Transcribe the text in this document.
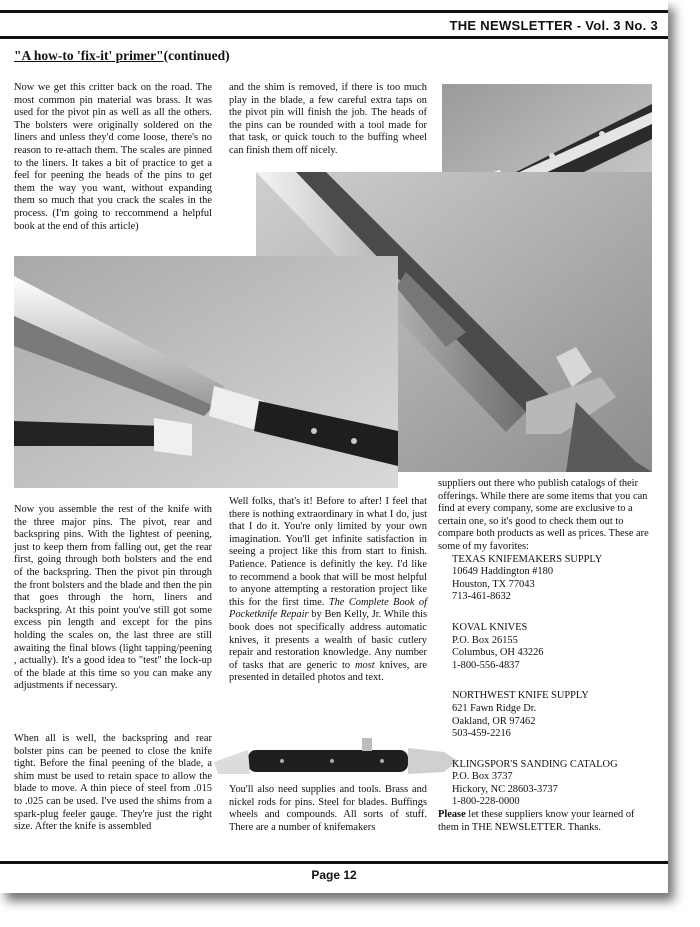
THE NEWSLETTER - Vol. 3 No. 3
"A how-to 'fix-it' primer"(continued)

Now we get this critter back on the road. The most common pin material was brass. It was used for the pivot pin as well as all the others. The bolsters were originally soldered on the liners and unless they'd come loose, there's no reason to re-attach them. The scales are pinned to the liners. It takes a bit of practice to get a feel for peening the heads of the pins to get them the way you want, without expanding them so much that you crack the scales in the process. (I'm going to reccommend a helpful book at the end of this article)

and the shim is removed, if there is too much play in the blade, a few careful extra taps on the pivot pin will finish the job. The heads of the pins can be rounded with a tool made for that task, or quick touch to the buffing wheel can finish them off nicely.

Now you assemble the rest of the knife with the three major pins. The pivot, rear and backspring pins. With the lightest of peening, just to keep them from falling out, get the rear first, going through both bolsters and the end of the backspring. Then the pivot pin through the front bolsters and the blade and then the pin that goes through the horn, liners and backspring. At this point you've still got some excess pin length and except for the pins holding the scales on, the last three are still awaiting the final blows (light tapping/peening , actually). It's a good idea to "test" the lock-up of the blade at this time so you can make any adjustments if necessary.

When all is well, the backspring and rear bolster pins can be peened to close the knife tight. Before the final peening of the blade, a shim must be used to retain space to allow the blade to move. A thin piece of steel from .015 to .025 can be used. I've used the shims from a spark-plug feeler gauge. They're just the right size. After the knife is assembled

Well folks, that's it! Before to after! I feel that there is nothing extraordinary in what I do, just that I do it. You're only limited by your own imagination. You'll get infinite satisfaction in seeing a project like this from start to finish. Patience. Patience is definitly the key. I'd like to recommend a book that will be most helpful to anyone attempting a restoration project like this for the first time. The Complete Book of Pocketknife Repair by Ben Kelly, Jr. While this book does not specifically address automatic knives, it presents a wealth of basic cutlery repair and restoration knowledge. Any number of tasks that are generic to most knives, are presented in detailed photos and text.

You'll also need supplies and tools. Brass and nickel rods for pins. Steel for blades. Buffings wheels and compounds. All sorts of stuff. There are a number of knifemakers

suppliers out there who publish catalogs of their offerings. While there are some items that you can find at every company, some are exclusive to a certain one, so it's good to check them out to compare both products as well as prices. These are some of my favorites:

TEXAS KNIFEMAKERS SUPPLY
10649 Haddington #180
Houston, TX 77043
713-461-8632
KOVAL KNIVES
P.O. Box 26155
Columbus, OH 43226
1-800-556-4837
NORTHWEST KNIFE SUPPLY
621 Fawn Ridge Dr.
Oakland, OR 97462
503-459-2216
KLINGSPOR'S SANDING CATALOG
P.O. Box 3737
Hickory, NC 28603-3737
1-800-228-0000

Please let these suppliers know your learned of them in THE NEWSLETTER. Thanks.

Page 12
